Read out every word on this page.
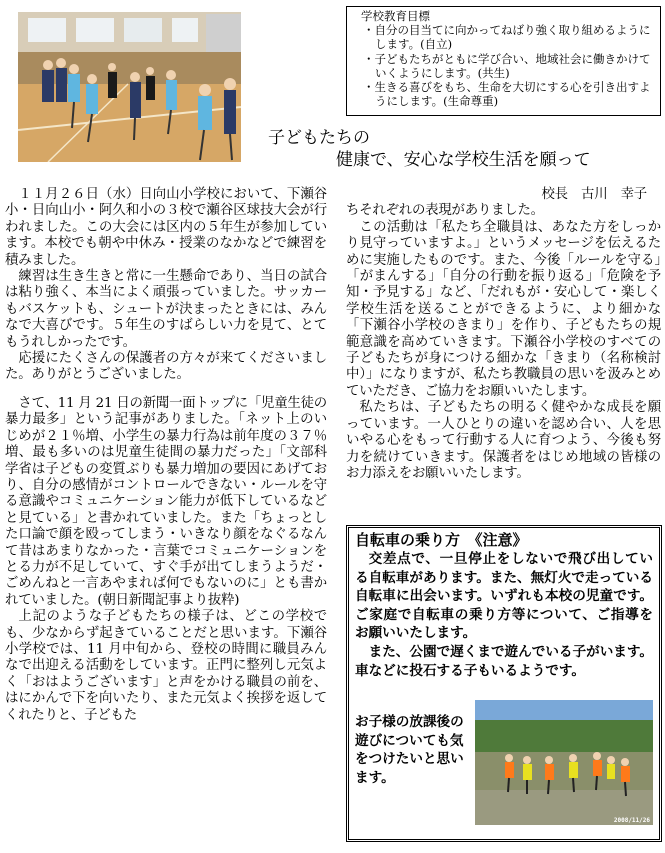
学校教育目標
・自分の目当てに向かってねばり強く取り組めるようにします。(自立)
・子どもたちがともに学び合い、地域社会に働きかけていくようにします。(共生)
・生きる喜びをもち、生命を大切にする心を引き出すようにします。(生命尊重)
子どもたちの
健康で、安心な学校生活を願って

１１月２６日（水）日向山小学校において、下瀬谷小・日向山小・阿久和小の３校で瀬谷区球技大会が行われました。この大会には区内の５年生が参加しています。本校でも朝や中休み・授業のなかなどで練習を積みました。

練習は生き生きと常に一生懸命であり、当日の試合は粘り強く、本当によく頑張っていました。サッカーもバスケットも、シュートが決まったときには、みんなで大喜びです。５年生のすばらしい力を見て、とてもうれしかったです。

応援にたくさんの保護者の方々が来てくださいました。ありがとうございました。

さて、11 月 21 日の新聞一面トップに「児童生徒の暴力最多」という記事がありました。「ネット上のいじめが２１％増、小学生の暴力行為は前年度の３７％増、最も多いのは児童生徒間の暴力だった」「文部科学省は子どもの変質ぶりも暴力増加の要因にあげており、自分の感情がコントロールできない・ルールを守る意識やコミュニケーション能力が低下しているなどと見ている」と書かれていました。また「ちょっとした口論で顔を殴ってしまう・いきなり顔をなぐるなんて昔はあまりなかった・言葉でコミュニケーションをとる力が不足していて、すぐ手が出てしまうようだ・ごめんねと一言あやまれば何でもないのに」とも書かれていました。(朝日新聞記事より抜粋)

上記のような子どもたちの様子は、どこの学校でも、少なからず起きていることだと思います。下瀬谷小学校では、11 月中旬から、登校の時間に職員みんなで出迎える活動をしています。正門に整列し元気よく「おはようございます」と声をかける職員の前を、はにかんで下を向いたり、また元気よく挨拶を返してくれたりと、子どもた

校長　古川　幸子

ちそれぞれの表現がありました。

この活動は「私たち全職員は、あなた方をしっかり見守っていますよ。」というメッセージを伝えるために実施したものです。また、今後「ルールを守る」「がまんする」「自分の行動を振り返る」「危険を予知・予見する」など、「だれもが・安心して・楽しく学校生活を送ることができるように、より細かな「下瀬谷小学校のきまり」を作り、子どもたちの規範意識を高めていきます。下瀬谷小学校のすべての子どもたちが身につける細かな「きまり（名称検討中）」になりますが、私たち教職員の思いを汲みとめていただき、ご協力をお願いいたします。

私たちは、子どもたちの明るく健やかな成長を願っています。一人ひとりの違いを認め合い、人を思いやる心をもって行動する人に育つよう、今後も努力を続けていきます。保護者をはじめ地域の皆様のお力添えをお願いいたします。

自転車の乗り方　《注意》

交差点で、一旦停止をしないで飛び出している自転車があります。また、無灯火で走っている自転車に出会います。いずれも本校の児童です。ご家庭で自転車の乗り方等について、ご指導をお願いいたします。
また、公園で遅くまで遊んでいる子がいます。車などに投石する子もいるようです。

お子様の放課後の遊びについても気をつけたいと思います。
2008/11/26
